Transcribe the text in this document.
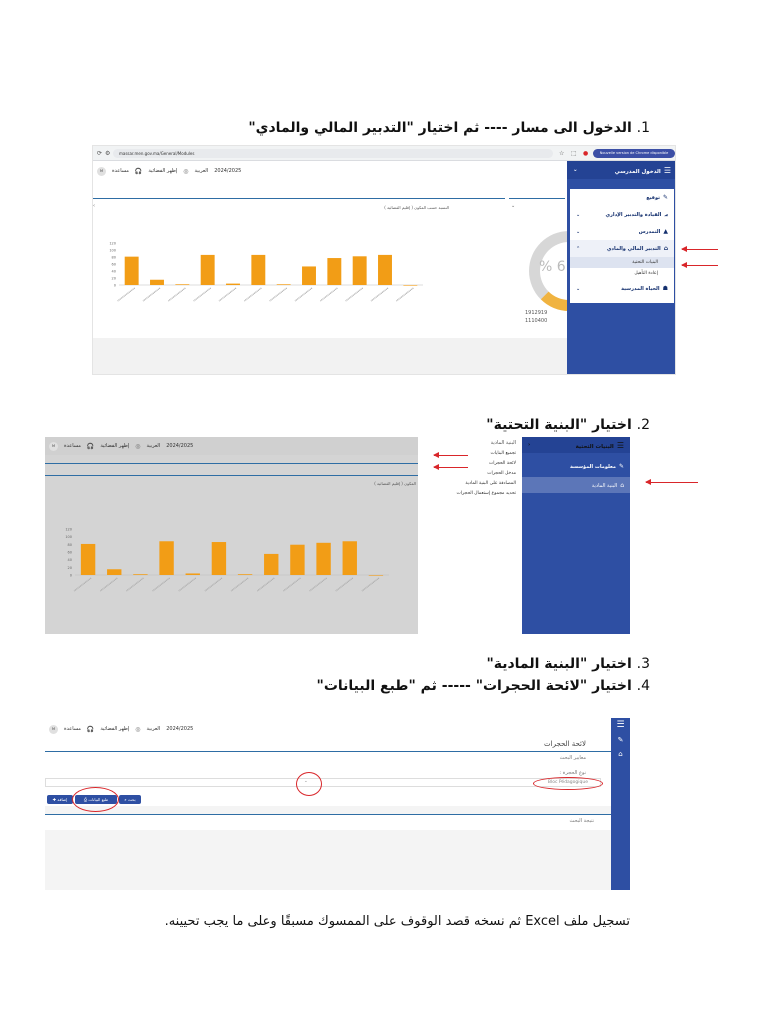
1. الدخول الى مسار ---- ثم اختيار "التدبير المالي والمادي"
2. اختيار "البنية التحتية"
3. اختيار "البنية المادية"
4. اختيار "لائحة الحجرات" ----- ثم "طبع البيانات"
⟳ ⚙	massar.men.gov.ma/General/Modules	☆ ⬚ ●	Nouvelle version de Chrome disponible
M	مساعدة 🎧 إظهر الفضائية ◎ العربية 2024/2025
‹	⌄
النسبة حسب المكون ( إقليم الفضائية )
120
100
80
60
40
20
0
% 6
1912919
1110400
☰الدخول المدرسي
⌄
✎توقيع
⦟القيادة والتدبير الإداري
⌄
▲التمدرس
⌄
⌂التدبير المالي والمادي
⌃
البنيات التحتية
إعادة التأهيل
☗الحياة المدرسية
⌄
M	مساعدة 🎧 إظهر الفضائية ◎ العربية 2024/2025
المكون ( إقليم الفضائية )
120
100
80
60
40
20
0
البنية المادية
تجميع البنايات
لائحة الحجرات
مدخل الحجرات
المصادقة على البنية المادية
تحديد مجموع إستعمال الحجرات
☰البنيات التحتية
‹
✎معلومات المؤسسة
⌂البنية المادية
M	مساعدة 🎧 إظهر الفضائية ◎ العربية 2024/2025
لائحة الحجرات
معايير البحث
نوع الحجرة :
Bloc Pédagogique
⌄
✚ إضافة	⎙ طبع البيانات	⌕ بحث
نتيجة البحث
☰
✎
⌂
تسجيل ملف Excel ثم نسخه قصد الوقوف على الممسوك مسبقًا وعلى ما يجب تحيينه.
